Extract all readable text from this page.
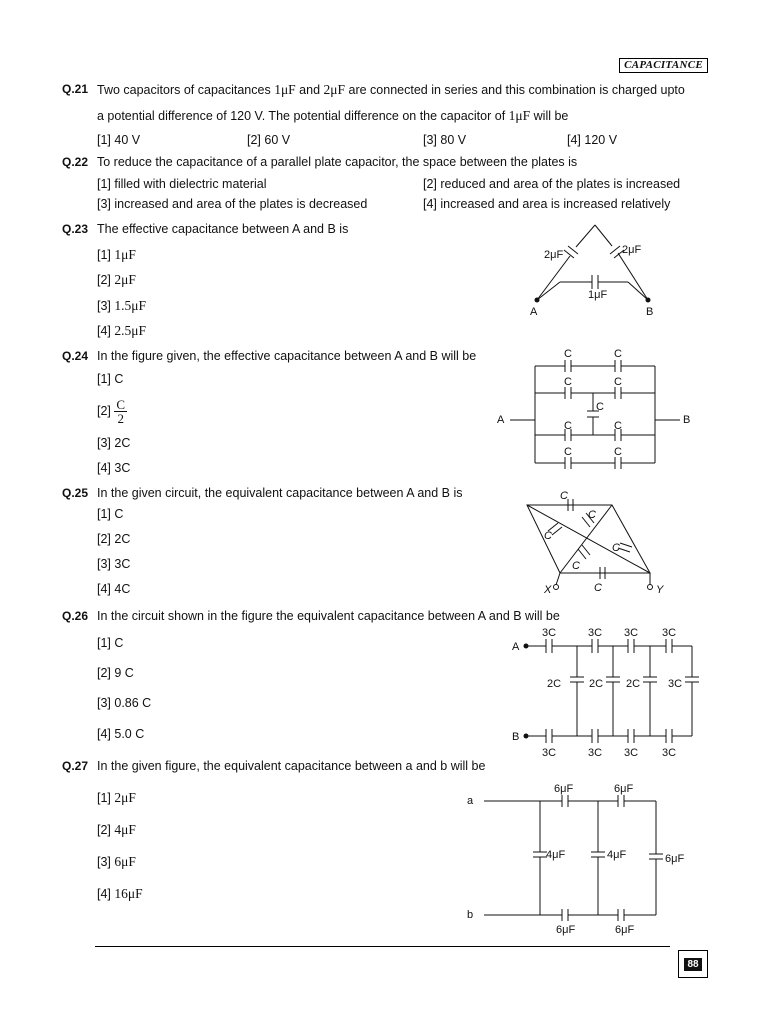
CAPACITANCE
Q.21 Two capacitors of capacitances 1μF and 2μF are connected in series and this combination is charged upto
a potential difference of 120 V. The potential difference on the capacitor of 1μF will be
[1] 40 V	[2] 60 V	[3] 80 V	[4] 120 V
Q.22 To reduce the capacitance of a parallel plate capacitor, the space between the plates is
[1] filled with dielectric material	[2] reduced and area of the plates is increased
[3] increased and area of the plates is decreased	[4] increased and area is increased relatively
Q.23 The effective capacitance between A and B is
[1] 1μF
[2] 2μF
[3] 1.5μF
[4] 2.5μF
2μF	2μF
1μF
A	B
Q.24 In the figure given, the effective capacitance between A and B will be
[1] C
$[2] \frac{C}{2}$
[3] 2C
[4] 3C
C	C
C	C
C
C	C
C	C
A	B
Q.25 In the given circuit, the equivalent capacitance between A and B is
[1] C
[2] 2C
[3] 3C
[4] 4C
C
C
C
C
C
C
X	Y
Q.26 In the circuit shown in the figure the equivalent capacitance between A and B will be
[1] C
[2] 9 C
[3] 0.86 C
[4] 5.0 C
3C	3C 3C 3C
2C	2C 2C	3C
3C	3C 3C 3C
A
B
Q.27 In the given figure, the equivalent capacitance between a and b will be
[1] 2μF
[2] 4μF
[3] 6μF
[4] 16μF
6μF	6μF
4μF	4μF	6μF
6μF	6μF
a
b
88
